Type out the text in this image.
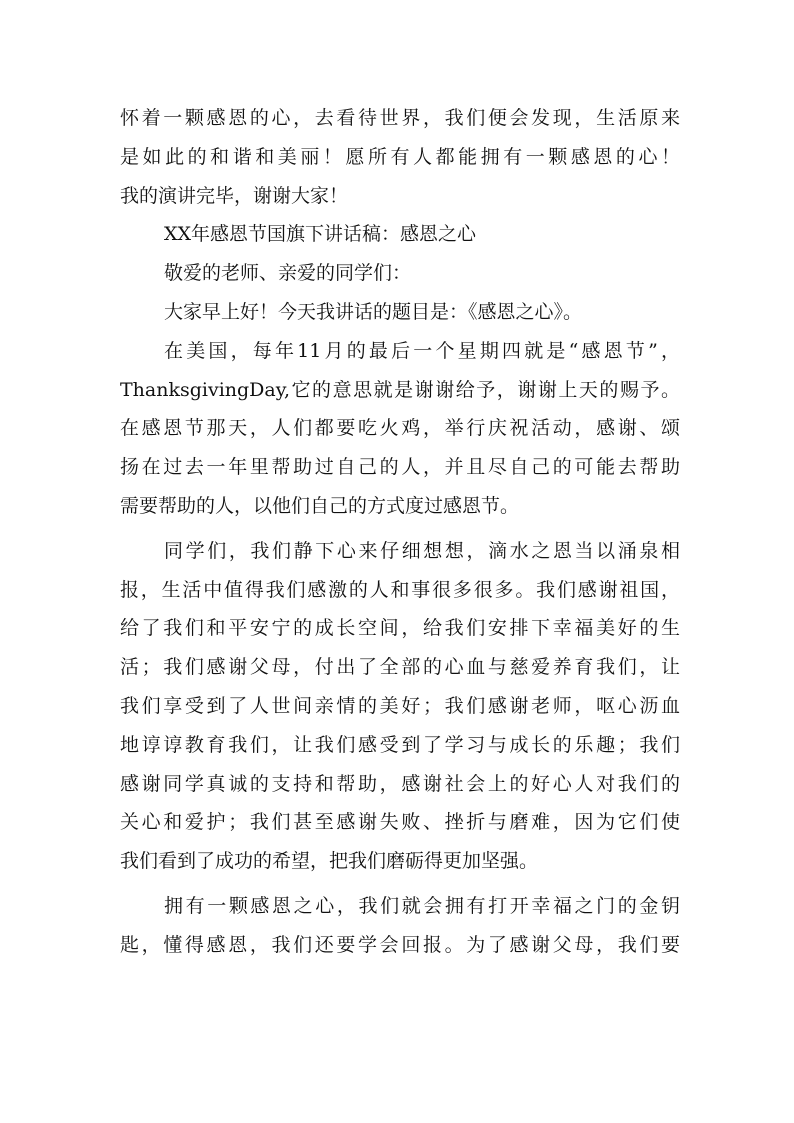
怀着一颗感恩的心，去看待世界，我们便会发现，生活原来
是如此的和谐和美丽！愿所有人都能拥有一颗感恩的心！
我的演讲完毕，谢谢大家！
XX年感恩节国旗下讲话稿：感恩之心
敬爱的老师、亲爱的同学们：
大家早上好！今天我讲话的题目是：《感恩之心》。
在美国，每年11月的最后一个星期四就是“感恩节”，
ThanksgivingDay,它的意思就是谢谢给予，谢谢上天的赐予。
在感恩节那天，人们都要吃火鸡，举行庆祝活动，感谢、颂
扬在过去一年里帮助过自己的人，并且尽自己的可能去帮助
需要帮助的人，以他们自己的方式度过感恩节。
同学们，我们静下心来仔细想想，滴水之恩当以涌泉相
报，生活中值得我们感激的人和事很多很多。我们感谢祖国，
给了我们和平安宁的成长空间，给我们安排下幸福美好的生
活；我们感谢父母，付出了全部的心血与慈爱养育我们，让
我们享受到了人世间亲情的美好；我们感谢老师，呕心沥血
地谆谆教育我们，让我们感受到了学习与成长的乐趣；我们
感谢同学真诚的支持和帮助，感谢社会上的好心人对我们的
关心和爱护；我们甚至感谢失败、挫折与磨难，因为它们使
我们看到了成功的希望，把我们磨砺得更加坚强。
拥有一颗感恩之心，我们就会拥有打开幸福之门的金钥
匙，懂得感恩，我们还要学会回报。为了感谢父母，我们要
